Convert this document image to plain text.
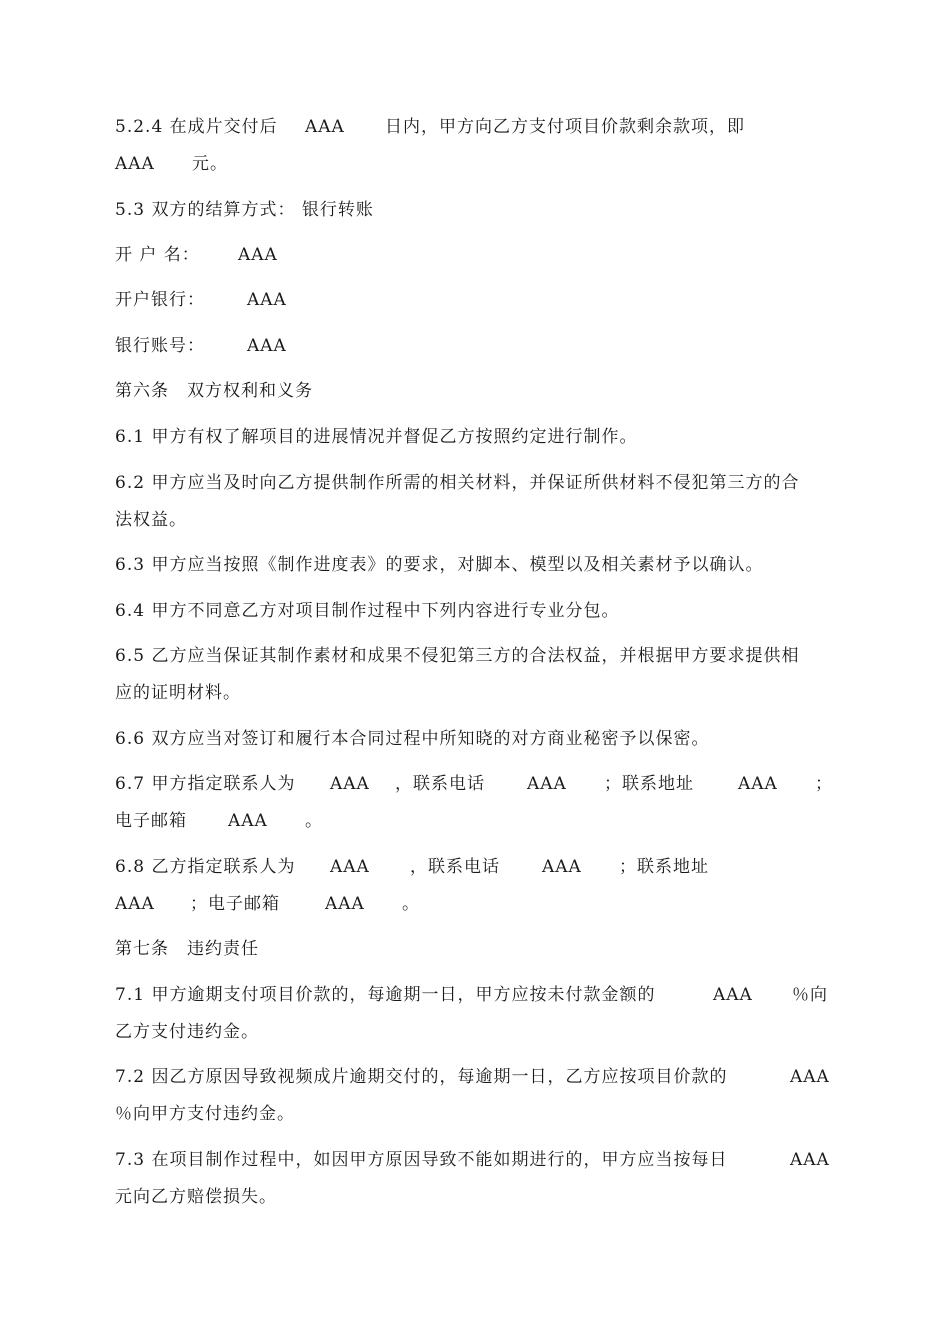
5.2.4 在成片交付后 AAA 日内，甲方向乙方支付项目价款剩余款项，即
AAA 元。
5.3 双方的结算方式： 银行转账
开 户 名： AAA
开户银行： AAA
银行账号： AAA
第六条　双方权利和义务
6.1 甲方有权了解项目的进展情况并督促乙方按照约定进行制作。
6.2 甲方应当及时向乙方提供制作所需的相关材料，并保证所供材料不侵犯第三方的合
法权益。
6.3 甲方应当按照《制作进度表》的要求，对脚本、模型以及相关素材予以确认。
6.4 甲方不同意乙方对项目制作过程中下列内容进行专业分包。
6.5 乙方应当保证其制作素材和成果不侵犯第三方的合法权益，并根据甲方要求提供相
应的证明材料。
6.6 双方应当对签订和履行本合同过程中所知晓的对方商业秘密予以保密。
6.7 甲方指定联系人为 AAA ，联系电话 AAA ；联系地址	AAA ；
电子邮箱 AAA 。
6.8 乙方指定联系人为 AAA ，联系电话 AAA ；联系地址
AAA ；电子邮箱	AAA 。
第七条　违约责任
7.1 甲方逾期支付项目价款的，每逾期一日，甲方应按未付款金额的	AAA ％向
乙方支付违约金。
7.2 因乙方原因导致视频成片逾期交付的，每逾期一日，乙方应按项目价款的	AAA
％向甲方支付违约金。
7.3 在项目制作过程中，如因甲方原因导致不能如期进行的，甲方应当按每日	AAA
元向乙方赔偿损失。
